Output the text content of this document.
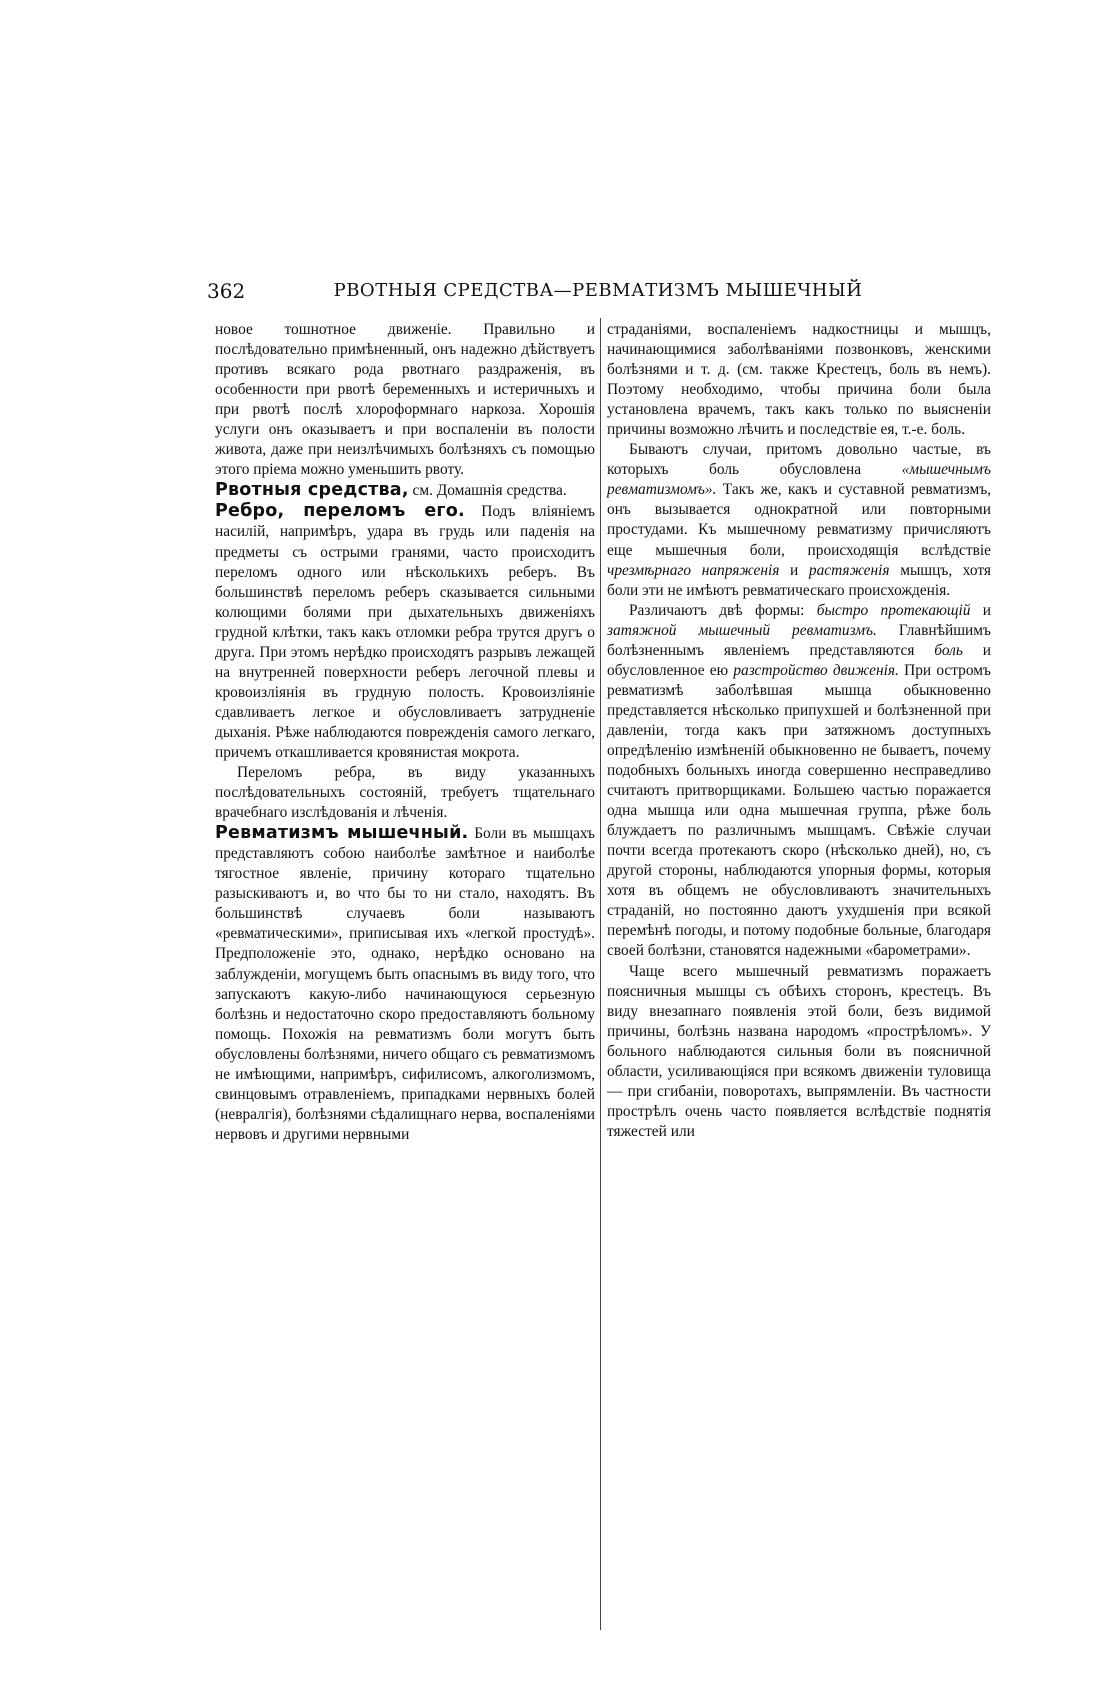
362	РВОТНЫЯ СРЕДСТВА—РЕВМАТИЗМЪ МЫШЕЧНЫЙ

новое тошнотное движеніе. Правильно и послѣдовательно примѣненный, онъ надежно дѣйствуетъ противъ всякаго рода рвотнаго раздраженія, въ особенности при рвотѣ беременныхъ и истеричныхъ и при рвотѣ послѣ хлороформнаго наркоза. Хорошія услуги онъ оказываетъ и при воспаленіи въ полости живота, даже при неизлѣчимыхъ болѣзняхъ съ помощью этого пріема можно уменьшить рвоту.

Рвотныя средства, см. Домашнія средства.

Ребро, переломъ его. Подъ вліяніемъ насилій, напримѣръ, удара въ грудь или паденія на предметы съ острыми гранями, часто происходитъ переломъ одного или нѣсколькихъ реберъ. Въ большинствѣ переломъ реберъ сказывается сильными колющими болями при дыхательныхъ движеніяхъ грудной клѣтки, такъ какъ отломки ребра трутся другъ о друга. При этомъ нерѣдко происходятъ разрывъ лежащей на внутренней поверхности реберъ легочной плевы и кровоизліянія въ грудную полость. Кровоизліяніе сдавливаетъ легкое и обусловливаетъ затрудненіе дыханія. Рѣже наблюдаются поврежденія самого легкаго, причемъ откашливается кровянистая мокрота.

Переломъ ребра, въ виду указанныхъ послѣдовательныхъ состояній, требуетъ тщательнаго врачебнаго изслѣдованія и лѣченія.

Ревматизмъ мышечный. Боли въ мышцахъ представляютъ собою наиболѣе замѣтное и наиболѣе тягостное явленіе, причину котораго тщательно разыскиваютъ и, во что бы то ни стало, находятъ. Въ большинствѣ случаевъ боли называютъ «ревматическими», приписывая ихъ «легкой простудѣ». Предположеніе это, однако, нерѣдко основано на заблужденіи, могущемъ быть опаснымъ въ виду того, что запускаютъ какую-либо начинающуюся серьезную болѣзнь и недостаточно скоро предоставляютъ больному помощь. Похожія на ревматизмъ боли могутъ быть обусловлены болѣзнями, ничего общаго съ ревматизмомъ не имѣющими, напримѣръ, сифилисомъ, алкоголизмомъ, свинцовымъ отравленіемъ, припадками нервныхъ болей (невралгія), болѣзнями сѣдалищнаго нерва, воспаленіями нервовъ и другими нервными

страданіями, воспаленіемъ надкостницы и мышцъ, начинающимися заболѣваніями позвонковъ, женскими болѣзнями и т. д. (см. также Крестецъ, боль въ немъ). Поэтому необходимо, чтобы причина боли была установлена врачемъ, такъ какъ только по выясненіи причины возможно лѣчить и последствіе ея, т.-е. боль.

Бываютъ случаи, притомъ довольно частые, въ которыхъ боль обусловлена «мышечнымъ ревматизмомъ». Такъ же, какъ и суставной ревматизмъ, онъ вызывается однократной или повторными простудами. Къ мышечному ревматизму причисляютъ еще мышечныя боли, происходящія вслѣдствіе чрезмѣрнаго напряженія и растяженія мышцъ, хотя боли эти не имѣютъ ревматическаго происхожденія.

Различаютъ двѣ формы: быстро протекающій и затяжной мышечный ревматизмъ. Главнѣйшимъ болѣзненнымъ явленіемъ представляются боль и обусловленное ею разстройство движенія. При остромъ ревматизмѣ заболѣвшая мышца обыкновенно представляется нѣсколько припухшей и болѣзненной при давленіи, тогда какъ при затяжномъ доступныхъ опредѣленію измѣненій обыкновенно не бываетъ, почему подобныхъ больныхъ иногда совершенно несправедливо считаютъ притворщиками. Большею частью поражается одна мышца или одна мышечная группа, рѣже боль блуждаетъ по различнымъ мышцамъ. Свѣжіе случаи почти всегда протекаютъ скоро (нѣсколько дней), но, съ другой стороны, наблюдаются упорныя формы, которыя хотя въ общемъ не обусловливаютъ значительныхъ страданій, но постоянно даютъ ухудшенія при всякой перемѣнѣ погоды, и потому подобные больные, благодаря своей болѣзни, становятся надежными «барометрами».

Чаще всего мышечный ревматизмъ поражаетъ поясничныя мышцы съ обѣихъ сторонъ, крестецъ. Въ виду внезапнаго появленія этой боли, безъ видимой причины, болѣзнь названа народомъ «прострѣломъ». У больного наблюдаются сильныя боли въ поясничной области, усиливающіяся при всякомъ движеніи туловища— при сгибаніи, поворотахъ, выпрямленіи. Въ частности прострѣлъ очень часто появляется вслѣдствіе поднятія тяжестей или
